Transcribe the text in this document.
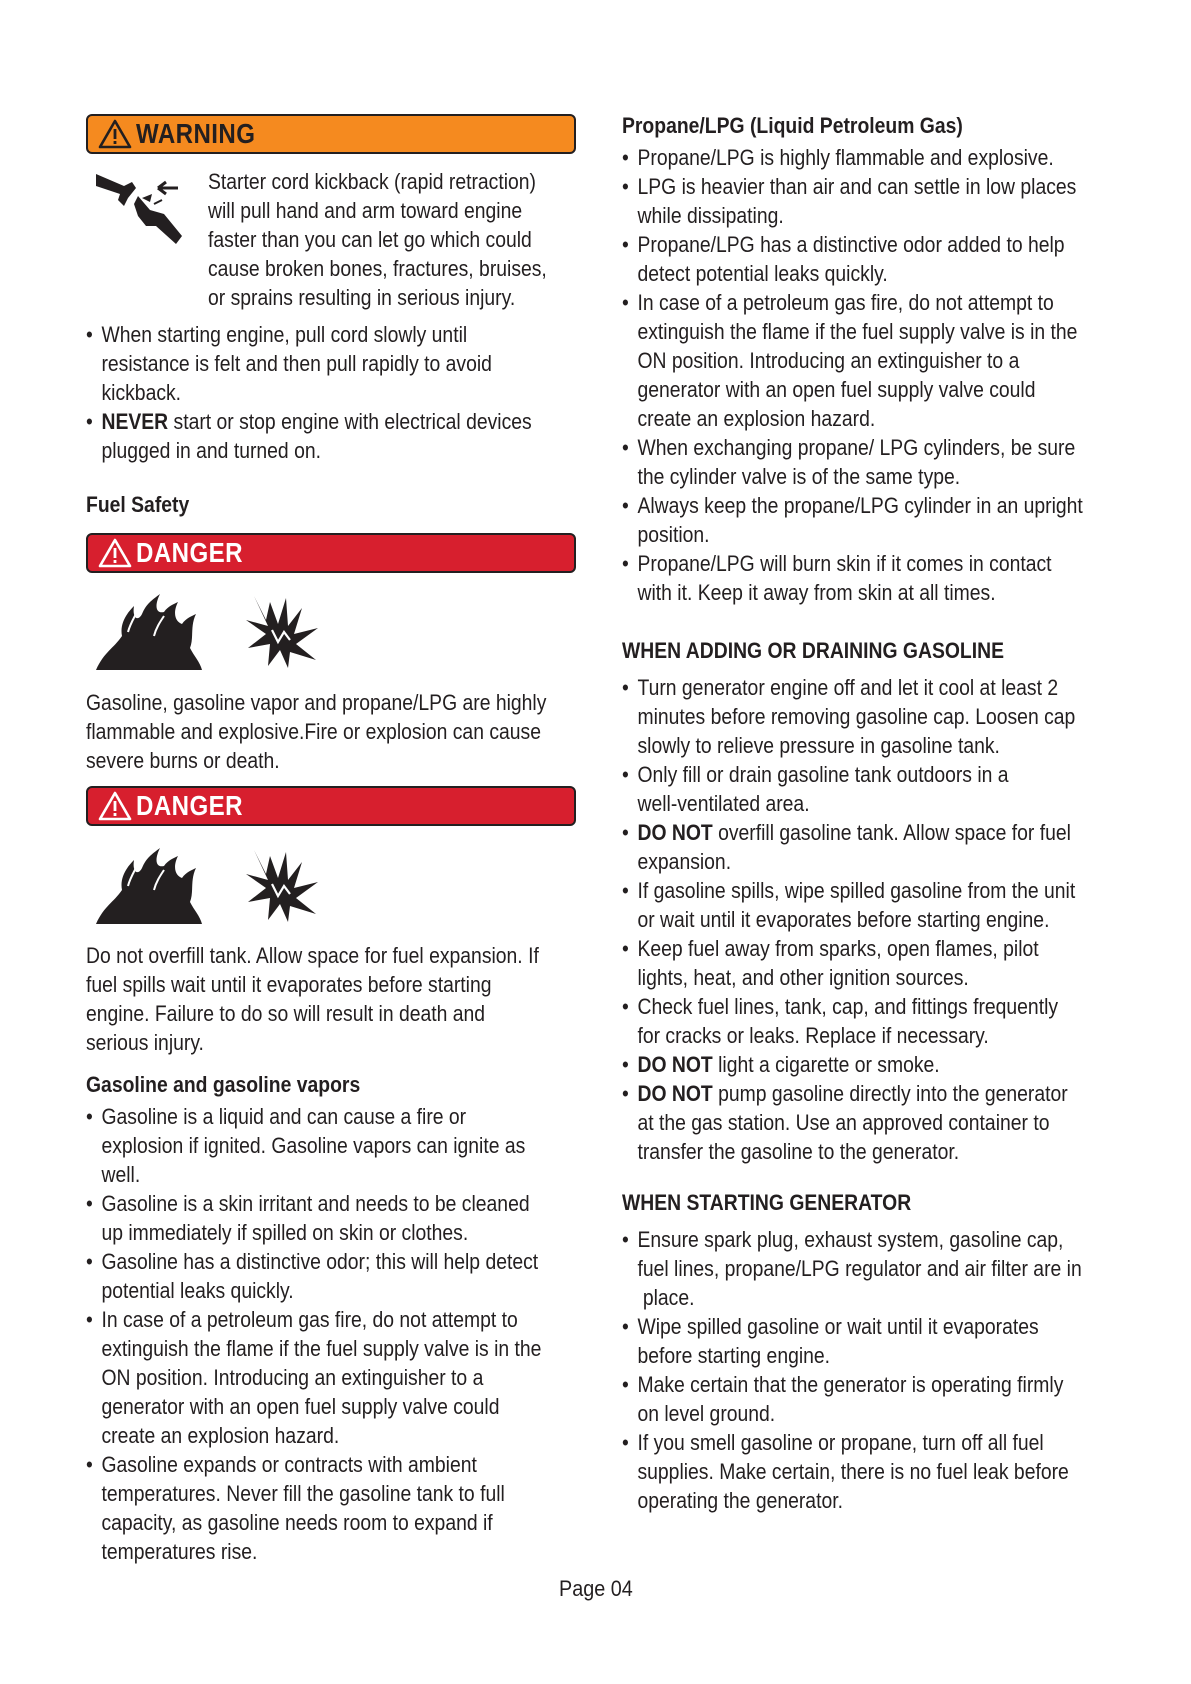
WARNING
Starter cord kickback (rapid retraction)
will pull hand and arm toward engine
faster than you can let go which could
cause broken bones, fractures, bruises,
or sprains resulting in serious injury.
• When starting engine, pull cord slowly until
resistance is felt and then pull rapidly to avoid
kickback.
• NEVER start or stop engine with electrical devices
plugged in and turned on.
Fuel Safety
DANGER
Gasoline, gasoline vapor and propane/LPG are highly
flammable and explosive.Fire or explosion can cause
severe burns or death.
DANGER
Do not overfill tank. Allow space for fuel expansion. If
fuel spills wait until it evaporates before starting
engine. Failure to do so will result in death and
serious injury.
Gasoline and gasoline vapors
• Gasoline is a liquid and can cause a fire or
explosion if ignited. Gasoline vapors can ignite as
well.
• Gasoline is a skin irritant and needs to be cleaned
up immediately if spilled on skin or clothes.
• Gasoline has a distinctive odor; this will help detect
potential leaks quickly.
• In case of a petroleum gas fire, do not attempt to
extinguish the flame if the fuel supply valve is in the
ON position. Introducing an extinguisher to a
generator with an open fuel supply valve could
create an explosion hazard.
• Gasoline expands or contracts with ambient
temperatures. Never fill the gasoline tank to full
capacity, as gasoline needs room to expand if
temperatures rise.
Propane/LPG (Liquid Petroleum Gas)
• Propane/LPG is highly flammable and explosive.
• LPG is heavier than air and can settle in low places
while dissipating.
• Propane/LPG has a distinctive odor added to help
detect potential leaks quickly.
• In case of a petroleum gas fire, do not attempt to
extinguish the flame if the fuel supply valve is in the
ON position. Introducing an extinguisher to a
generator with an open fuel supply valve could
create an explosion hazard.
• When exchanging propane/ LPG cylinders, be sure
the cylinder valve is of the same type.
• Always keep the propane/LPG cylinder in an upright
position.
• Propane/LPG will burn skin if it comes in contact
with it. Keep it away from skin at all times.
WHEN ADDING OR DRAINING GASOLINE
• Turn generator engine off and let it cool at least 2
minutes before removing gasoline cap. Loosen cap
slowly to relieve pressure in gasoline tank.
• Only fill or drain gasoline tank outdoors in a
well-ventilated area.
• DO NOT overfill gasoline tank. Allow space for fuel
expansion.
• If gasoline spills, wipe spilled gasoline from the unit
or wait until it evaporates before starting engine.
• Keep fuel away from sparks, open flames, pilot
lights, heat, and other ignition sources.
• Check fuel lines, tank, cap, and fittings frequently
for cracks or leaks. Replace if necessary.
• DO NOT light a cigarette or smoke.
• DO NOT pump gasoline directly into the generator
at the gas station. Use an approved container to
transfer the gasoline to the generator.
WHEN STARTING GENERATOR
• Ensure spark plug, exhaust system, gasoline cap,
fuel lines, propane/LPG regulator and air filter are in
place.
• Wipe spilled gasoline or wait until it evaporates
before starting engine.
• Make certain that the generator is operating firmly
on level ground.
• If you smell gasoline or propane, turn off all fuel
supplies. Make certain, there is no fuel leak before
operating the generator.
Page 04
